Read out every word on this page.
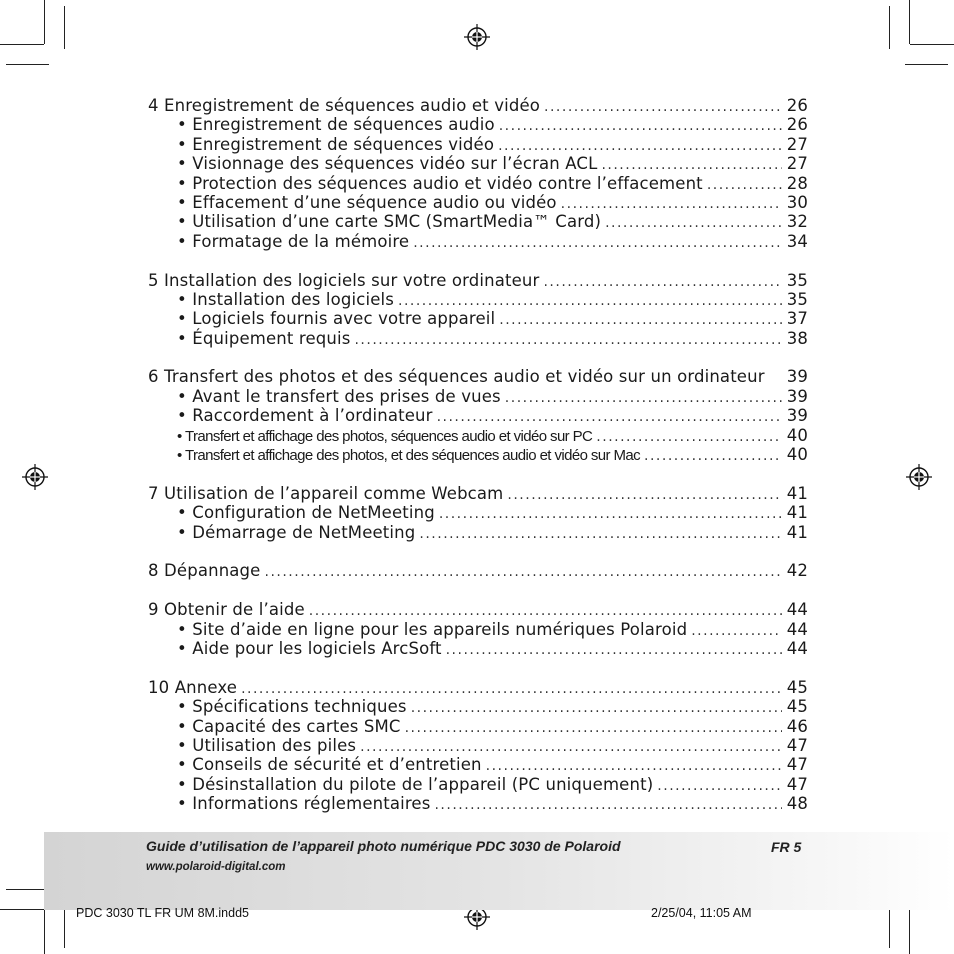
4 Enregistrement de séquences audio et vidéo .....	26
• Enregistrement de séquences audio .....	26
• Enregistrement de séquences vidéo .....	27
• Visionnage des séquences vidéo sur l’écran ACL .....	27
• Protection des séquences audio et vidéo contre l’effacement .....	28
• Effacement d’une séquence audio ou vidéo .....	30
• Utilisation d’une carte SMC (SmartMedia™ Card) .....	32
• Formatage de la mémoire .....	34
5 Installation des logiciels sur votre ordinateur .....	35
• Installation des logiciels .....	35
• Logiciels fournis avec votre appareil .....	37
• Équipement requis .....	38
6 Transfert des photos et des séquences audio et vidéo sur un ordinateur 39
• Avant le transfert des prises de vues .....	39
• Raccordement à l’ordinateur .....	39
• Transfert et affichage des photos, séquences audio et vidéo sur PC .....	40
• Transfert et affichage des photos, et des séquences audio et vidéo sur Mac .....	40
7 Utilisation de l’appareil comme Webcam .....	41
• Configuration de NetMeeting .....	41
• Démarrage de NetMeeting .....	41
8 Dépannage .....	42
9 Obtenir de l’aide .....	44
• Site d’aide en ligne pour les appareils numériques Polaroid .....	44
• Aide pour les logiciels ArcSoft .....	44
10 Annexe .....	45
• Spécifications techniques .....	45
• Capacité des cartes SMC .....	46
• Utilisation des piles .....	47
• Conseils de sécurité et d’entretien .....	47
• Désinstallation du pilote de l’appareil (PC uniquement) .....	47
• Informations réglementaires .....	48
Guide d’utilisation de l’appareil photo numérique PDC 3030 de Polaroid
www.polaroid-digital.com
FR 5
PDC 3030 TL FR UM 8M.indd5	2/25/04, 11:05 AM
